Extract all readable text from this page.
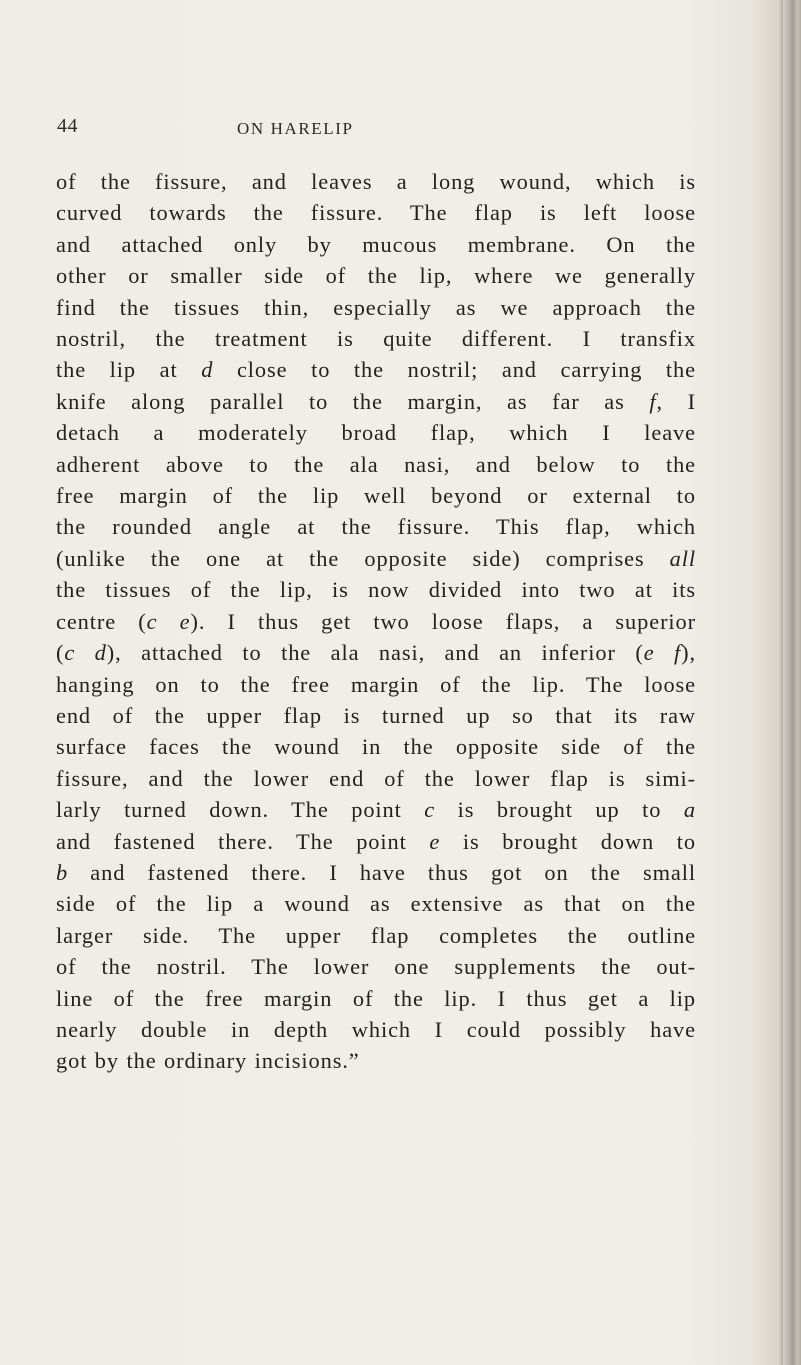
44	ON HARELIP

of the fissure, and leaves a long wound, which is
curved towards the fissure. The flap is left loose
and attached only by mucous membrane. On the
other or smaller side of the lip, where we generally
find the tissues thin, especially as we approach the
nostril, the treatment is quite different. I transfix
the lip at d close to the nostril; and carrying the
knife along parallel to the margin, as far as f, I
detach a moderately broad flap, which I leave
adherent above to the ala nasi, and below to the
free margin of the lip well beyond or external to
the rounded angle at the fissure. This flap, which
(unlike the one at the opposite side) comprises all
the tissues of the lip, is now divided into two at its
centre (c e). I thus get two loose flaps, a superior
(c d), attached to the ala nasi, and an inferior (e f),
hanging on to the free margin of the lip. The loose
end of the upper flap is turned up so that its raw
surface faces the wound in the opposite side of the
fissure, and the lower end of the lower flap is simi-
larly turned down. The point c is brought up to a
and fastened there. The point e is brought down to
b and fastened there. I have thus got on the small
side of the lip a wound as extensive as that on the
larger side. The upper flap completes the outline
of the nostril. The lower one supplements the out-
line of the free margin of the lip. I thus get a lip
nearly double in depth which I could possibly have
got by the ordinary incisions.”
